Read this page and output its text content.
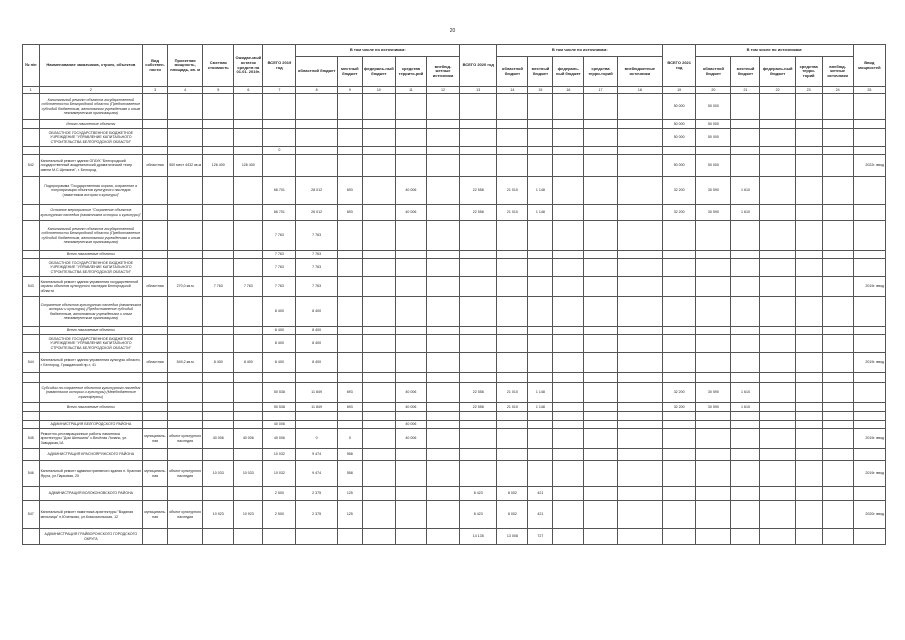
20
№ п/п	Наименование заказчиков, строек, объектов	Вид собствен-ности	Проектная мощность, площадь, кв. м	Сметная стоимость	Ожидае-мый остаток средств на 01.01. 2019г.	ВСЕГО 2019 год	В том числе по источникам:					ВСЕГО 2020 год	В том числе по источникам:					ВСЕГО 2021 год	В том числе по источникам:					Ввод мощностей
							областной бюджет	местный бюджет	федераль-ный бюджет	средства террито-рий	внебюд-жетные источники		областной бюджет	местный бюджет	федераль-ный бюджет	средства терри-торий	внебюджетные источники		областной бюджет	местный бюджет	федераль-ный бюджет	средства терри-торий	внебюд-жетные источники	
1	2	3	4	5	6	7	8	9	10	11	12	13	14	15	16	17	18	19	20	21	22	23	24	25
	Капитальный ремонт объектов государственной собственности Белгородской области (Предоставление субсидий бюджетным, автономным учреждениям и иным некоммерческим организациям)																	50 000	50 000					
	Итого начиненные объекты																	50 000	50 000					
	ОБЛАСТНОЕ ГОСУДАРСТВЕННОЕ БЮДЖЕТНОЕ УЧРЕЖДЕНИЕ "УПРАВЛЕНИЕ КАПИТАЛЬНОГО СТРОИТЕЛЬСТВА БЕЛГОРОДСКОЙ ОБЛАСТИ"																	50 000	50 000					
						0																		
542	Капитальный ремонт здания ОГАУК "Белгородский государственный академический драматический театр имени М.С.Щепкина", г. Белгород	областная	500 мест 4432 кв.м	126 400	126 400													50 000	50 000					2022г. ввод
	Подпрограмма "Государственная охрана, сохранение и популяризация объектов культурного наследия (памятников истории и культуры)"					66 701	28 012	693		40 006		22 558	21 010	1 148				32 200	30 590	1 610				
	Основное мероприятие "Сохранение объектов культурного наследия (памятников истории и культуры)"					66 701	26 012	693		40 006		22 558	21 010	1 148				32 200	30 590	1 610				
	Капитальный ремонт объектов государственной собственности Белгородской области (Предоставление субсидий бюджетным, автономным учреждениям и иным некоммерческим организациям)					7 763	7 763																	
	Всего начинаемые объекты					7 763	7 763																	
	ОБЛАСТНОЕ ГОСУДАРСТВЕННОЕ БЮДЖЕТНОЕ УЧРЕЖДЕНИЕ "УПРАВЛЕНИЕ КАПИТАЛЬНОГО СТРОИТЕЛЬСТВА БЕЛГОРОДСКОЙ ОБЛАСТИ"					7 763	7 763																	
543	Капитальный ремонт здания управления государственной охраны объектов культурного наследия Белгородской области	областная	270,0 кв.м	7 763	7 763	7 763	7 763																	2019г. ввод
	Сохранение объектов культурного наследия (памятников истории и культуры) (Предоставление субсидий бюджетным, автономным учреждениям и иным некоммерческим организациям)					8 400	8 400																	
	Всего начинаемые объекты					8 400	8 400																	
	ОБЛАСТНОЕ ГОСУДАРСТВЕННОЕ БЮДЖЕТНОЕ УЧРЕЖДЕНИЕ "УПРАВЛЕНИЕ КАПИТАЛЬНОГО СТРОИТЕЛЬСТВА БЕЛГОРОДСКОЙ ОБЛАСТИ"					8 400	8 400																	
544	Капитальный ремонт здания управления культуры области, г. Белгород, Гражданский пр-т, 41	областная	549,2 кв.м	8 400	8 400	8 400	8 400																	2019г. ввод

	Субсидии на сохранение объектов культурного наследия (памятников истории и культуры) (Межбюджетные трансферты)					50 538	11 849	693		40 006		22 558	21 010	1 148				32 200	30 590	1 610				
	Всего начинаемые объекты					50 538	11 849	693		40 006		22 558	21 010	1 148				32 200	30 590	1 610				

	АДМИНИСТРАЦИЯ БЕЛГОРОДСКОГО РАЙОНА					40 006				40 006														
545	Ремонтно-реставрационные работы памятника архитектуры "Дом Шеншина" с.Весёлая Лопань, ул. Заводская,1А	муниципаль-ная	объект культурного наследия	40 006	40 006	40 006	0	0		40 006														2019г. ввод
	АДМИНИСТРАЦИЯ КРАСНОЯРУЖСКОГО РАЙОНА					10 032	9 474	558																
546	Капитальный ремонт административного здания п. Красная Яруга, ул.Парковая, 25	муниципаль-ная	объект культурного наследия	10 033	10 033	10 032	9 474	558																2019г. ввод
	АДМИНИСТРАЦИЯ ВОЛОКОНОВСКОГО РАЙОНА					2 500	2 375	125				8 423	8 002	421										
547	Капитальный ремонт памятника архитектуры "Водяная мельница" п.Юченково, ул.Комсомольская, 12	муниципаль-ная	объект культурного наследия	10 923	10 923	2 500	2 375	125				8 423	8 002	421										2020г. ввод
	АДМИНИСТРАЦИЯ ГРАЙВОРОНСКОГО ГОРОДСКОГО ОКРУГА											14 135	13 008	727										
